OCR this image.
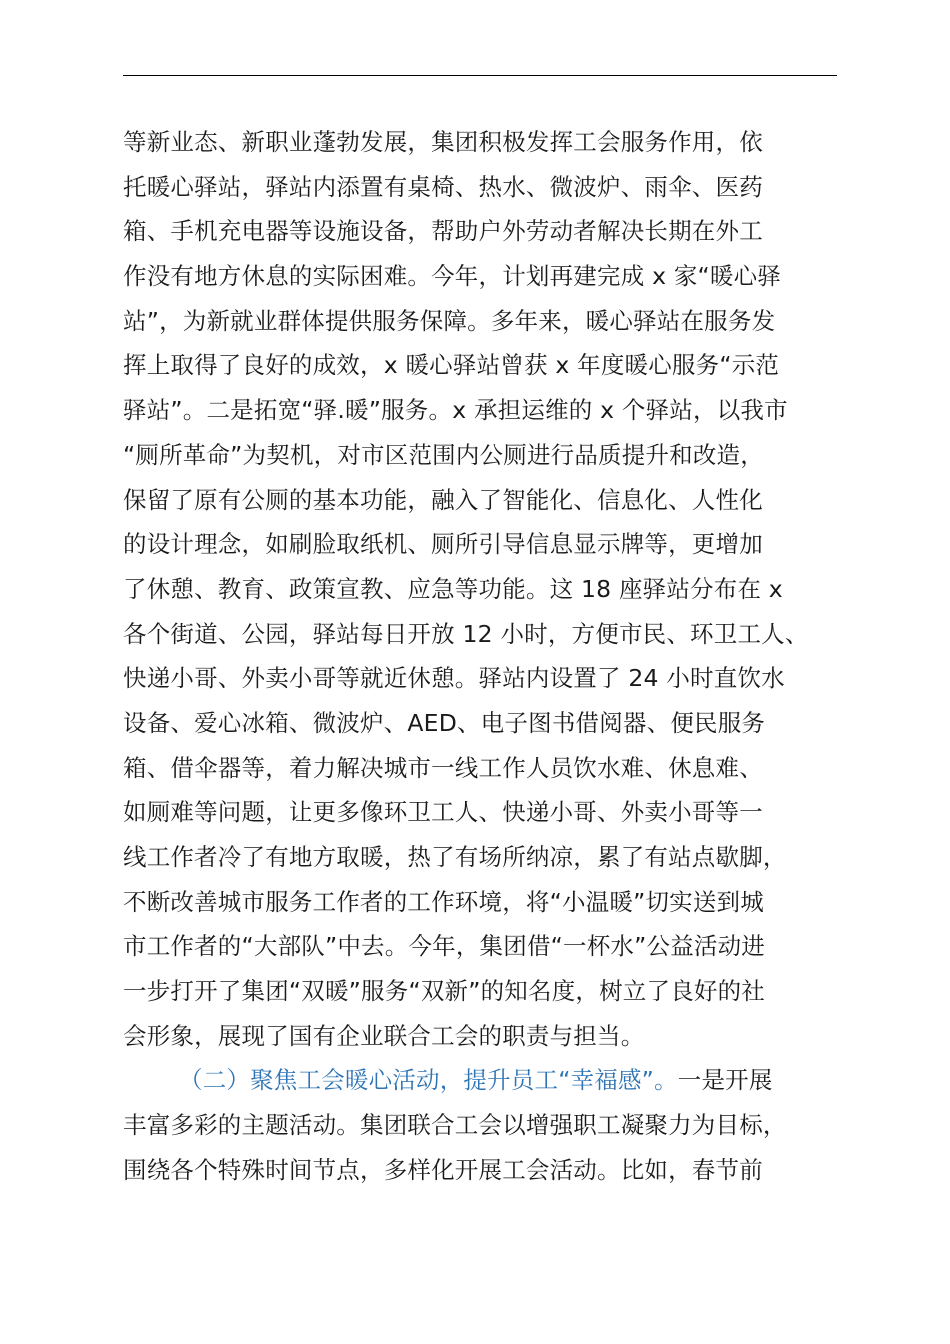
等新业态、新职业蓬勃发展，集团积极发挥工会服务作用，依
托暖心驿站，驿站内添置有桌椅、热水、微波炉、雨伞、医药
箱、手机充电器等设施设备，帮助户外劳动者解决长期在外工
作没有地方休息的实际困难。今年，计划再建完成 x 家“暖心驿
站”，为新就业群体提供服务保障。多年来，暖心驿站在服务发
挥上取得了良好的成效，x 暖心驿站曾获 x 年度暖心服务“示范
驿站”。二是拓宽“驿.暖”服务。x 承担运维的 x 个驿站，以我市
“厕所革命”为契机，对市区范围内公厕进行品质提升和改造，
保留了原有公厕的基本功能，融入了智能化、信息化、人性化
的设计理念，如刷脸取纸机、厕所引导信息显示牌等，更增加
了休憩、教育、政策宣教、应急等功能。这 18 座驿站分布在 x
各个街道、公园，驿站每日开放 12 小时，方便市民、环卫工人、
快递小哥、外卖小哥等就近休憩。驿站内设置了 24 小时直饮水
设备、爱心冰箱、微波炉、AED、电子图书借阅器、便民服务
箱、借伞器等，着力解决城市一线工作人员饮水难、休息难、
如厕难等问题，让更多像环卫工人、快递小哥、外卖小哥等一
线工作者冷了有地方取暖，热了有场所纳凉，累了有站点歇脚，
不断改善城市服务工作者的工作环境，将“小温暖”切实送到城
市工作者的“大部队”中去。今年，集团借“一杯水”公益活动进
一步打开了集团“双暖”服务“双新”的知名度，树立了良好的社
会形象，展现了国有企业联合工会的职责与担当。
（二）聚焦工会暖心活动，提升员工“幸福感”。一是开展
丰富多彩的主题活动。集团联合工会以增强职工凝聚力为目标，
围绕各个特殊时间节点，多样化开展工会活动。比如，春节前
